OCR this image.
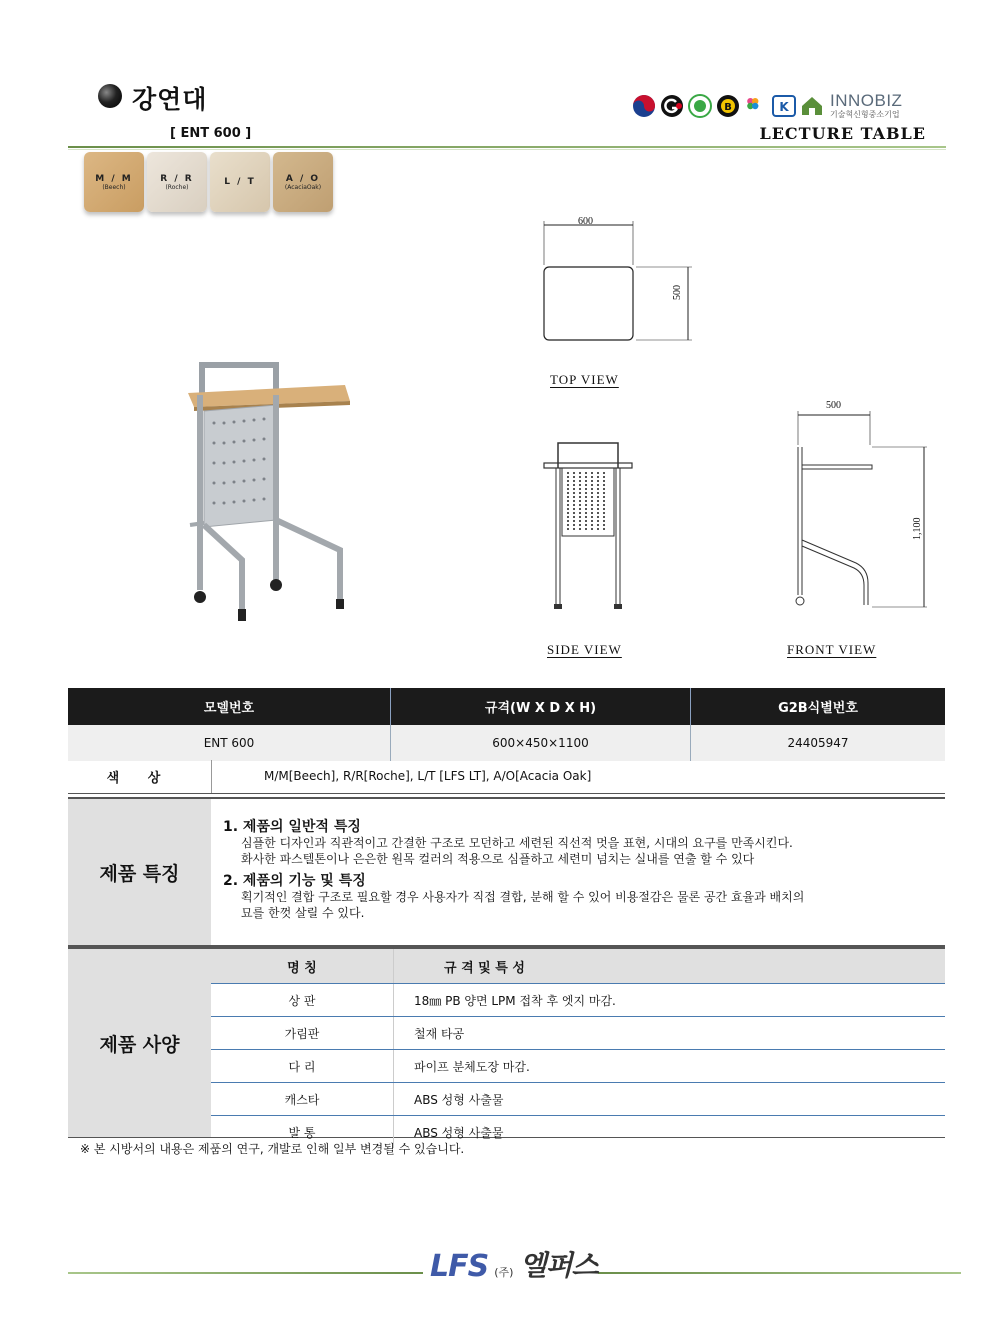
강연대
[ ENT 600 ]
B	K INNOBIZ
기술혁신형중소기업
LECTURE TABLE
M / M
(Beech)
R / R
(Roche)	L / T	A / O
(AcaciaOak)
600
500
TOP VIEW
SIDE VIEW
500
1,100
FRONT VIEW
모델번호	규격(W X D X H)	G2B식별번호
ENT 600	600×450×1100	24405947
색 상	M/M[Beech], R/R[Roche], L/T [LFS LT], A/O[Acacia Oak]
제품 특징

1. 제품의 일반적 특징

심플한 디자인과 직관적이고 간결한 구조로 모던하고 세련된 직선적 멋을 표현, 시대의 요구를 만족시킨다.

화사한 파스텔톤이나 은은한 원목 컬러의 적용으로 심플하고 세련미 넘치는 실내를 연출 할 수 있다

2. 제품의 기능 및 특징

획기적인 결합 구조로 필요할 경우 사용자가 직접 결합, 분해 할 수 있어 비용절감은 물론 공간 효율과 배치의

묘를 한껏 살릴 수 있다.

제품 사양
명 칭	규 격 및 특 성
상 판	18㎜ PB 양면 LPM 접착 후 엣지 마감.
가림판	철재 타공
다 리	파이프 분체도장 마감.
캐스타	ABS 성형 사출물
발 통	ABS 성형 사출물
※ 본 시방서의 내용은 제품의 연구, 개발로 인해 일부 변경될 수 있습니다.
LFS (주) 엘퍼스
